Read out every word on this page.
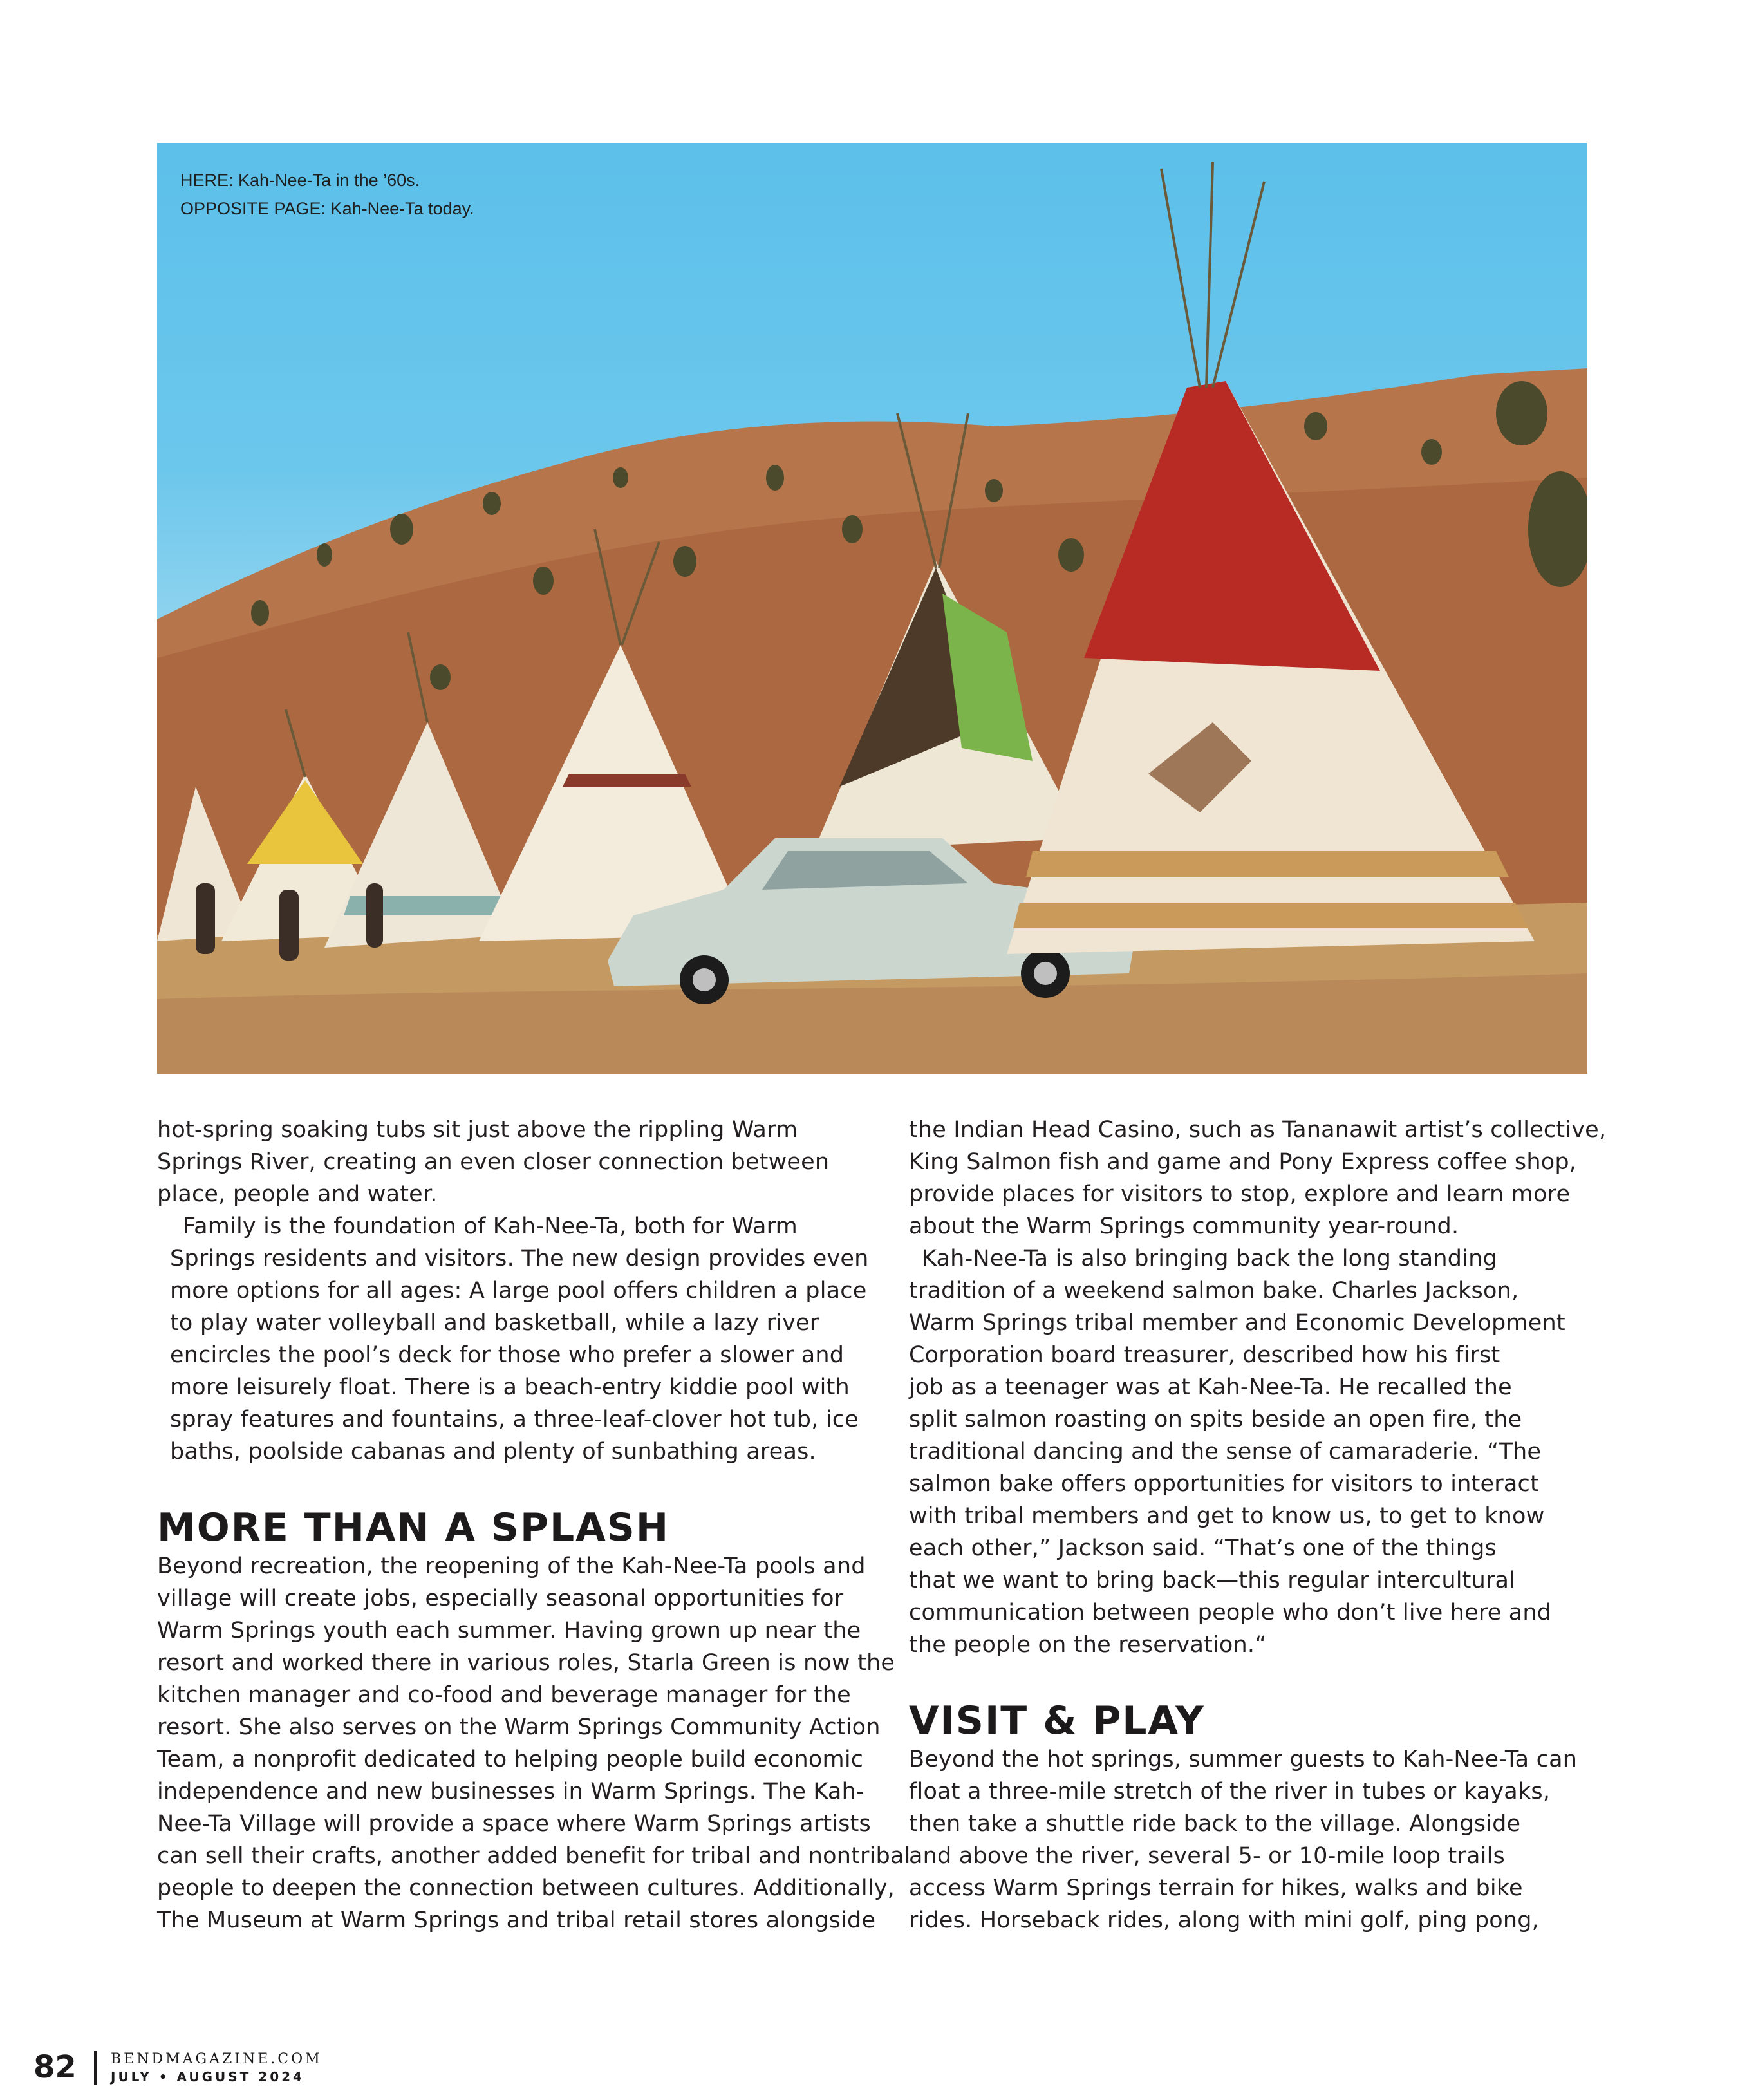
HERE: Kah-Nee-Ta in the ’60s.
OPPOSITE PAGE: Kah-Nee-Ta today.

hot-spring soaking tubs sit just above the rippling Warm
Springs River, creating an even closer connection between
place, people and water.

Family is the foundation of Kah-Nee-Ta, both for Warm
Springs residents and visitors. The new design provides even
more options for all ages: A large pool offers children a place
to play water volleyball and basketball, while a lazy river
encircles the pool’s deck for those who prefer a slower and
more leisurely float. There is a beach-entry kiddie pool with
spray features and fountains, a three-leaf-clover hot tub, ice
baths, poolside cabanas and plenty of sunbathing areas.

MORE THAN A SPLASH

Beyond recreation, the reopening of the Kah-Nee-Ta pools and
village will create jobs, especially seasonal opportunities for
Warm Springs youth each summer. Having grown up near the
resort and worked there in various roles, Starla Green is now the
kitchen manager and co-food and beverage manager for the
resort. She also serves on the Warm Springs Community Action
Team, a nonprofit dedicated to helping people build economic
independence and new businesses in Warm Springs. The Kah-
Nee-Ta Village will provide a space where Warm Springs artists
can sell their crafts, another added benefit for tribal and nontribal
people to deepen the connection between cultures. Additionally,
The Museum at Warm Springs and tribal retail stores alongside

the Indian Head Casino, such as Tananawit artist’s collective,
King Salmon fish and game and Pony Express coffee shop,
provide places for visitors to stop, explore and learn more
about the Warm Springs community year-round.

Kah-Nee-Ta is also bringing back the long standing
tradition of a weekend salmon bake. Charles Jackson,
Warm Springs tribal member and Economic Development
Corporation board treasurer, described how his first
job as a teenager was at Kah-Nee-Ta. He recalled the
split salmon roasting on spits beside an open fire, the
traditional dancing and the sense of camaraderie. “The
salmon bake offers opportunities for visitors to interact
with tribal members and get to know us, to get to know
each other,” Jackson said. “That’s one of the things
that we want to bring back—this regular intercultural
communication between people who don’t live here and
the people on the reservation.“

VISIT & PLAY

Beyond the hot springs, summer guests to Kah-Nee-Ta can
float a three-mile stretch of the river in tubes or kayaks,
then take a shuttle ride back to the village. Alongside
and above the river, several 5- or 10-mile loop trails
access Warm Springs terrain for hikes, walks and bike
rides. Horseback rides, along with mini golf, ping pong,

82 BENDMAGAZINE.COM
JULY • AUGUST 2024
